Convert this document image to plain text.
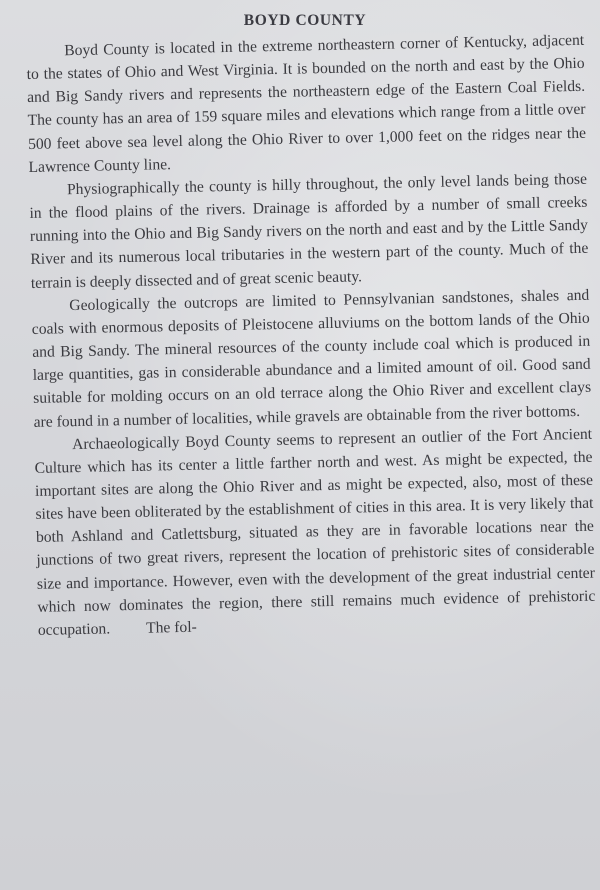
BOYD COUNTY

Boyd County is located in the extreme northeastern corner of Kentucky, adjacent to the states of Ohio and West Virginia. It is bounded on the north and east by the Ohio and Big Sandy rivers and represents the northeastern edge of the Eastern Coal Fields. The county has an area of 159 square miles and elevations which range from a little over 500 feet above sea level along the Ohio River to over 1,000 feet on the ridges near the Lawrence County line.

Physiographically the county is hilly throughout, the only level lands being those in the flood plains of the rivers. Drainage is afforded by a number of small creeks running into the Ohio and Big Sandy rivers on the north and east and by the Little Sandy River and its numerous local tributaries in the western part of the county. Much of the terrain is deeply dissected and of great scenic beauty.

Geologically the outcrops are limited to Pennsylvanian sandstones, shales and coals with enormous deposits of Pleistocene alluviums on the bottom lands of the Ohio and Big Sandy. The mineral resources of the county include coal which is produced in large quantities, gas in considerable abundance and a limited amount of oil. Good sand suitable for molding occurs on an old terrace along the Ohio River and excellent clays are found in a number of localities, while gravels are obtainable from the river bottoms.

Archaeologically Boyd County seems to represent an outlier of the Fort Ancient Culture which has its center a little farther north and west. As might be expected, the important sites are along the Ohio River and as might be expected, also, most of these sites have been obliterated by the establishment of cities in this area. It is very likely that both Ashland and Catlettsburg, situated as they are in favorable locations near the junctions of two great rivers, represent the location of prehistoric sites of considerable size and importance. However, even with the development of the great industrial center which now dominates the region, there still remains much evidence of prehistoric occupation. The fol-
